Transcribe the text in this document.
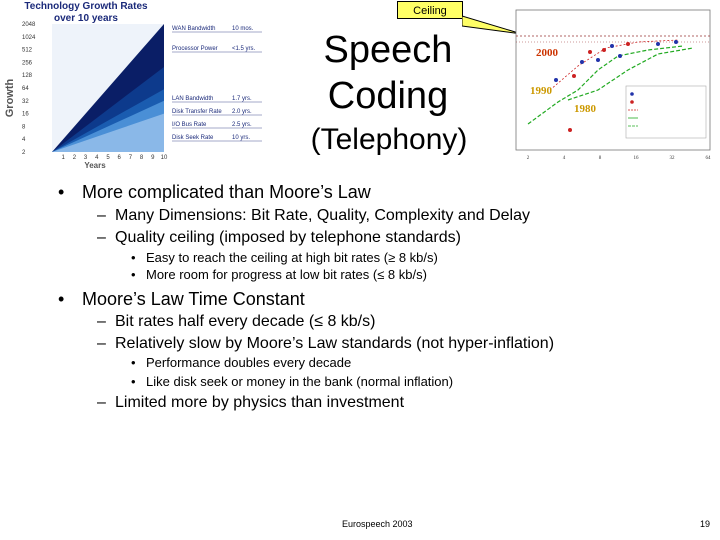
Technology Growth Rates
over 10 years
Growth
Years
2048
1024
512
256
128
64
32
16
8
4
2
1 2 3 4 5 6 7 8 9 10
WAN Bandwidth	10 mos.
Processor Power <1.5 yrs.
LAN Bandwidth	1.7 yrs.
Disk Transfer Rate 2.0 yrs.
I/O Bus Rate	2.5 yrs.
Disk Seek Rate	10 yrs.
Ceiling
Speech
Coding
(Telephony)
2000
1990
1980
2	4	8	16	32	64
• More complicated than Moore’s Law
– Many Dimensions: Bit Rate, Quality, Complexity and Delay
– Quality ceiling (imposed by telephone standards)
• Easy to reach the ceiling at high bit rates (≥ 8 kb/s)
• More room for progress at low bit rates (≤ 8 kb/s)
• Moore’s Law Time Constant
– Bit rates half every decade (≤ 8 kb/s)
– Relatively slow by Moore’s Law standards (not hyper-inflation)
• Performance doubles every decade
• Like disk seek or money in the bank (normal inflation)
– Limited more by physics than investment
Eurospeech 2003	19
